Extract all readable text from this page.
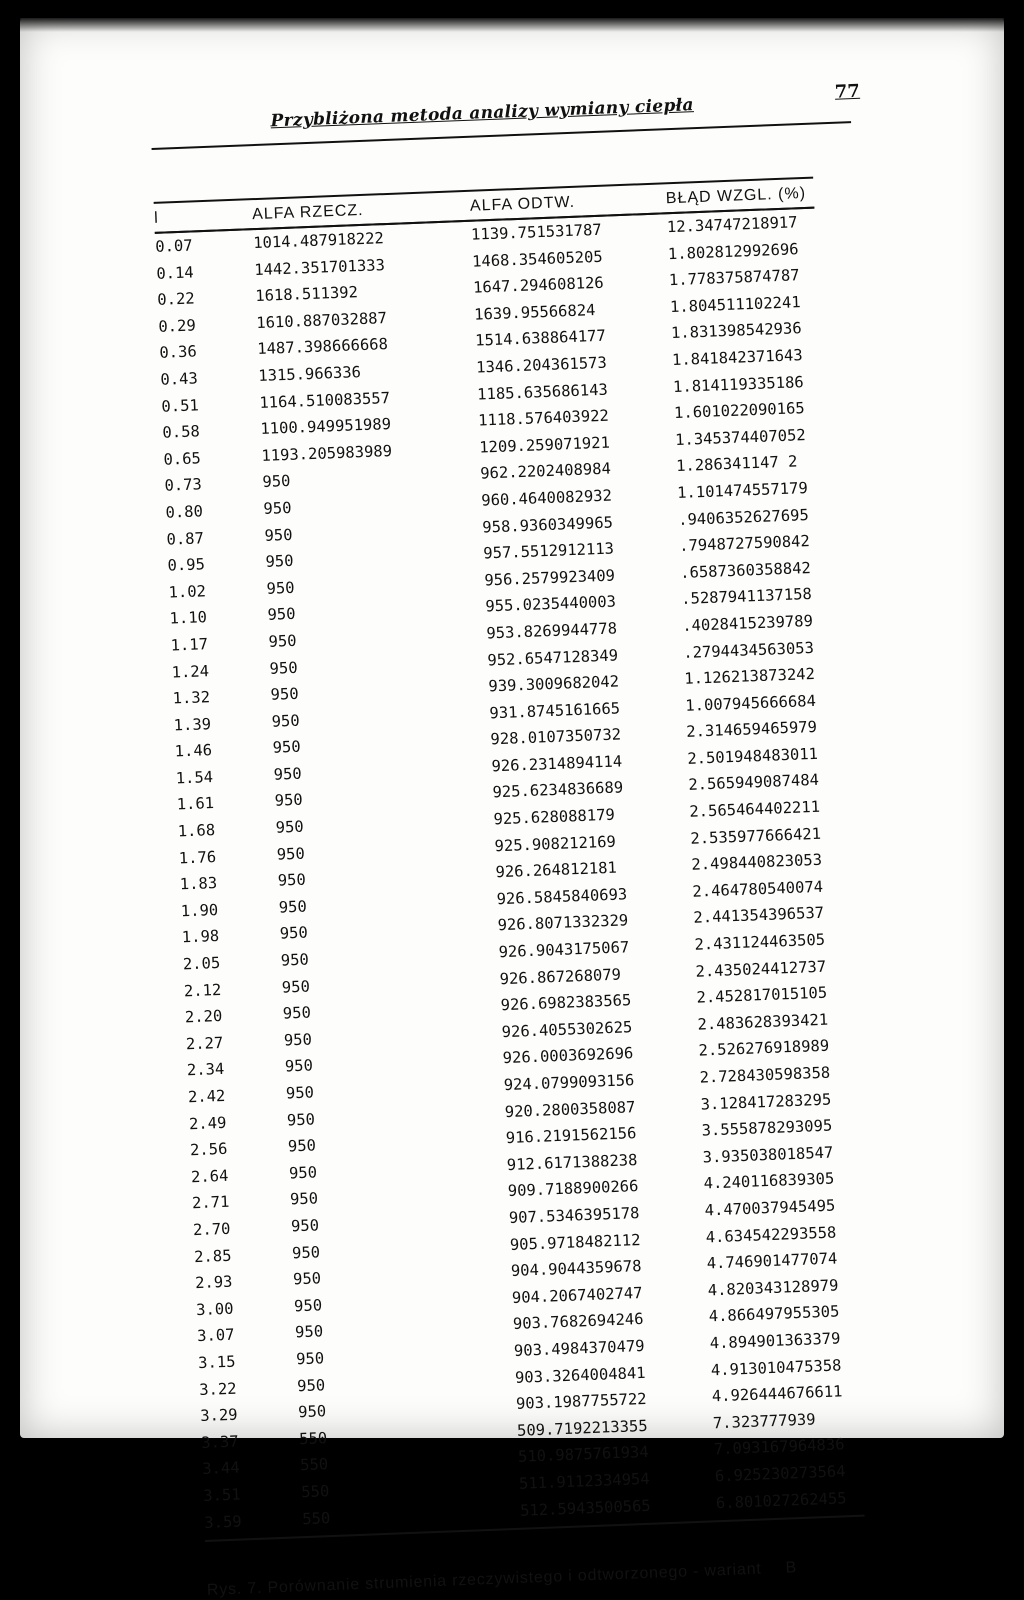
Przybliżona metoda analizy wymiany ciepła
77
l	ALFA RZECZ.	ALFA ODTW.	BŁĄD WZGL. (%)
0.07	1014.487918222	1139.751531787	12.34747218917
0.14	1442.351701333	1468.354605205	1.802812992696
0.22	1618.511392	1647.294608126	1.778375874787
0.29	1610.887032887	1639.95566824	1.804511102241
0.36	1487.398666668	1514.638864177	1.831398542936
0.43	1315.966336	1346.204361573	1.841842371643
0.51	1164.510083557	1185.635686143	1.814119335186
0.58	1100.949951989	1118.576403922	1.601022090165
0.65	1193.205983989	1209.259071921	1.345374407052
0.73	950	962.2202408984	1.286341147 2
0.80	950	960.4640082932	1.101474557179
0.87	950	958.9360349965	.9406352627695
0.95	950	957.5512912113	.7948727590842
1.02	950	956.2579923409	.6587360358842
1.10	950	955.0235440003	.5287941137158
1.17	950	953.8269944778	.4028415239789
1.24	950	952.6547128349	.2794434563053
1.32	950	939.3009682042	1.126213873242
1.39	950	931.8745161665	1.007945666684
1.46	950	928.0107350732	2.314659465979
1.54	950	926.2314894114	2.501948483011
1.61	950	925.6234836689	2.565949087484
1.68	950	925.628088179	2.565464402211
1.76	950	925.908212169	2.535977666421
1.83	950	926.264812181	2.498440823053
1.90	950	926.5845840693	2.464780540074
1.98	950	926.8071332329	2.441354396537
2.05	950	926.9043175067	2.431124463505
2.12	950	926.867268079	2.435024412737
2.20	950	926.6982383565	2.452817015105
2.27	950	926.4055302625	2.483628393421
2.34	950	926.0003692696	2.526276918989
2.42	950	924.0799093156	2.728430598358
2.49	950	920.2800358087	3.128417283295
2.56	950	916.2191562156	3.555878293095
2.64	950	912.6171388238	3.935038018547
2.71	950	909.7188900266	4.240116839305
2.70	950	907.5346395178	4.470037945495
2.85	950	905.9718482112	4.634542293558
2.93	950	904.9044359678	4.746901477074
3.00	950	904.2067402747	4.820343128979
3.07	950	903.7682694246	4.866497955305
3.15	950	903.4984370479	4.894901363379
3.22	950	903.3264004841	4.913010475358
3.29	950	903.1987755722	4.926444676611
3.37	550	509.7192213355	7.323777939
3.44	550	510.9875761934	7.093167964836
3.51	550	511.9112334954	6.925230273564
3.59	550	512.5943500565	6.801027262455
Rys. 7. Porównanie strumienia rzeczywistego i odtworzonego - wariant B
